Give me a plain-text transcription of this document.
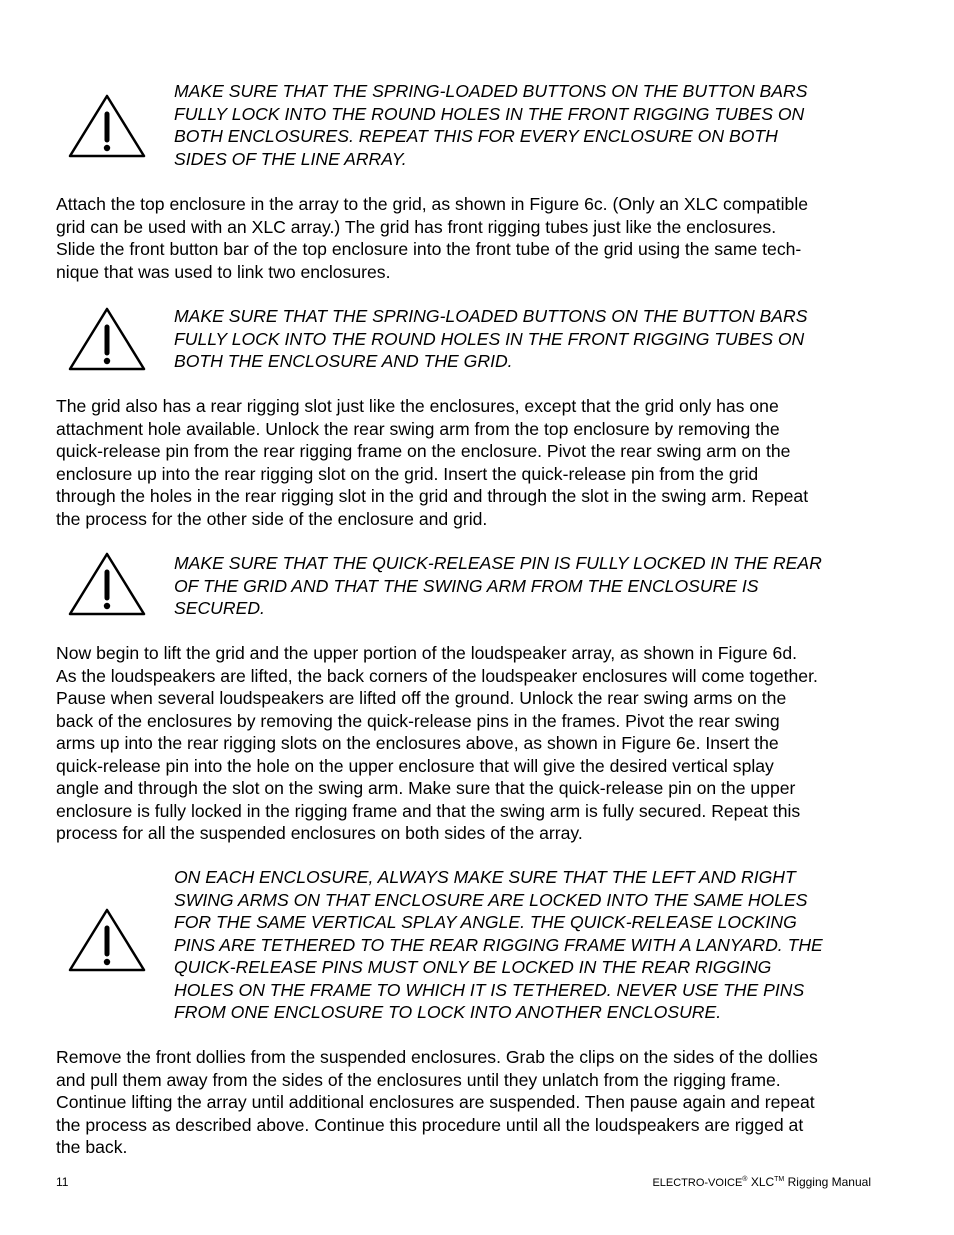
MAKE SURE THAT THE SPRING-LOADED BUTTONS ON THE BUTTON BARS
FULLY LOCK INTO THE ROUND HOLES IN THE FRONT RIGGING TUBES ON
BOTH ENCLOSURES. REPEAT THIS FOR EVERY ENCLOSURE ON BOTH
SIDES OF THE LINE ARRAY.

Attach the top enclosure in the array to the grid, as shown in Figure 6c. (Only an XLC compatible
grid can be used with an XLC array.) The grid has front rigging tubes just like the enclosures.
Slide the front button bar of the top enclosure into the front tube of the grid using the same tech-
nique that was used to link two enclosures.

MAKE SURE THAT THE SPRING-LOADED BUTTONS ON THE BUTTON BARS
FULLY LOCK INTO THE ROUND HOLES IN THE FRONT RIGGING TUBES ON
BOTH THE ENCLOSURE AND THE GRID.

The grid also has a rear rigging slot just like the enclosures, except that the grid only has one
attachment hole available. Unlock the rear swing arm from the top enclosure by removing the
quick-release pin from the rear rigging frame on the enclosure. Pivot the rear swing arm on the
enclosure up into the rear rigging slot on the grid. Insert the quick-release pin from the grid
through the holes in the rear rigging slot in the grid and through the slot in the swing arm. Repeat
the process for the other side of the enclosure and grid.

MAKE SURE THAT THE QUICK-RELEASE PIN IS FULLY LOCKED IN THE REAR
OF THE GRID AND THAT THE SWING ARM FROM THE ENCLOSURE IS
SECURED.

Now begin to lift the grid and the upper portion of the loudspeaker array, as shown in Figure 6d.
As the loudspeakers are lifted, the back corners of the loudspeaker enclosures will come together.
Pause when several loudspeakers are lifted off the ground. Unlock the rear swing arms on the
back of the enclosures by removing the quick-release pins in the frames. Pivot the rear swing
arms up into the rear rigging slots on the enclosures above, as shown in Figure 6e. Insert the
quick-release pin into the hole on the upper enclosure that will give the desired vertical splay
angle and through the slot on the swing arm. Make sure that the quick-release pin on the upper
enclosure is fully locked in the rigging frame and that the swing arm is fully secured. Repeat this
process for all the suspended enclosures on both sides of the array.

ON EACH ENCLOSURE, ALWAYS MAKE SURE THAT THE LEFT AND RIGHT
SWING ARMS ON THAT ENCLOSURE ARE LOCKED INTO THE SAME HOLES
FOR THE SAME VERTICAL SPLAY ANGLE. THE QUICK-RELEASE LOCKING
PINS ARE TETHERED TO THE REAR RIGGING FRAME WITH A LANYARD. THE
QUICK-RELEASE PINS MUST ONLY BE LOCKED IN THE REAR RIGGING
HOLES ON THE FRAME TO WHICH IT IS TETHERED. NEVER USE THE PINS
FROM ONE ENCLOSURE TO LOCK INTO ANOTHER ENCLOSURE.

Remove the front dollies from the suspended enclosures. Grab the clips on the sides of the dollies
and pull them away from the sides of the enclosures until they unlatch from the rigging frame.
Continue lifting the array until additional enclosures are suspended. Then pause again and repeat
the process as described above. Continue this procedure until all the loudspeakers are rigged at
the back.

11	ELECTRO-VOICE® XLC™ Rigging Manual
